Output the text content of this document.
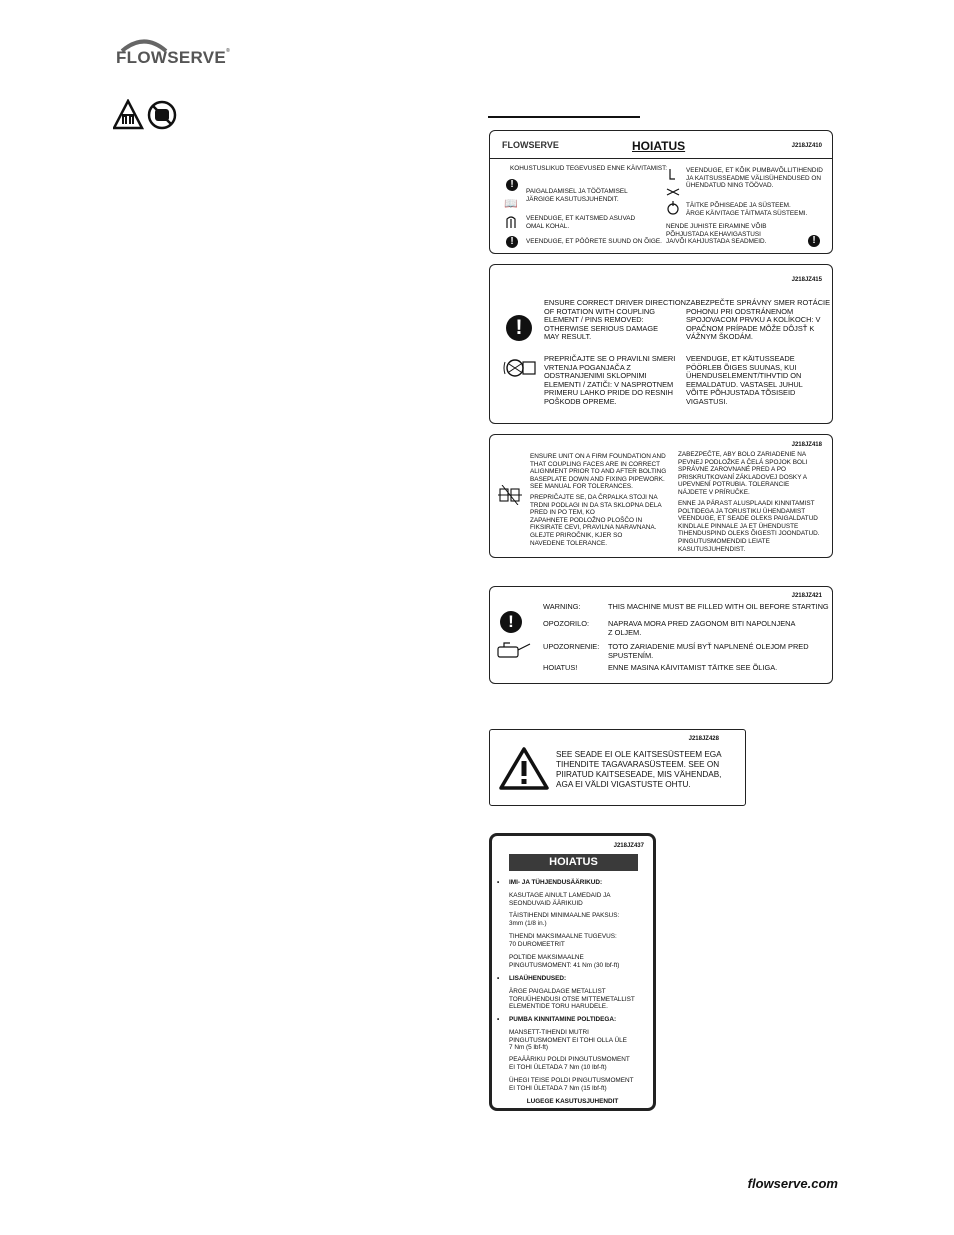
FLOWSERVE®
FLOWSERVE	HOIATUS	J218JZ410
KOHUSTUSLIKUD TEGEVUSED ENNE KÄIVITAMIST:
!
📖
PAIGALDAMISEL JA TÖÖTAMISEL
JÄRGIGE KASUTUSJUHENDIT.
VEENDUGE, ET KAITSMED ASUVAD
OMAL KOHAL.
!	VEENDUGE, ET PÖÖRETE SUUND ON ÕIGE.
VEENDUGE, ET KÕIK PUMBAVÕLLITIHENDID
JA KAITSUSSEADME VÄLISÜHENDUSED ON
ÜHENDATUD NING TÖÖVAD.
TÄITKE PÕHISEADE JA SÜSTEEM.
ÄRGE KÄIVITAGE TÄITMATA SÜSTEEMI.
NENDE JUHISTE EIRAMINE VÕIB
PÕHJUSTADA KEHAVIGASTUSI
JA/VÕI KAHJUSTADA SEADMEID.	!
J218JZ415
!
ENSURE CORRECT DRIVER DIRECTION
OF ROTATION WITH COUPLING
ELEMENT / PINS REMOVED:
OTHERWISE SERIOUS DAMAGE
MAY RESULT.
ZABEZPEČTE SPRÁVNY SMER ROTÁCIE
POHONU PRI ODSTRÁNENOM
SPOJOVACOM PRVKU A KOLÍKOCH: V
OPAČNOM PRÍPADE MÔŽE DÔJSŤ K
VÁŽNYM ŠKODÁM.
PREPRIČAJTE SE O PRAVILNI SMERI
VRTENJA POGANJAČA Z
ODSTRANJENIMI SKLOPNIMI
ELEMENTI / ZATIČI: V NASPROTNEM
PRIMERU LAHKO PRIDE DO RESNIH
POŠKODB OPREME.
VEENDUGE, ET KÄITUSSEADE
PÖÖRLEB ÕIGES SUUNAS, KUI
ÜHENDUSELEMENT/TIHVTID ON
EEMALDATUD. VASTASEL JUHUL
VÕITE PÕHJUSTADA TÕSISEID
VIGASTUSI.
J218JZ418
ENSURE UNIT ON A FIRM FOUNDATION AND
THAT COUPLING FACES ARE IN CORRECT
ALIGNMENT PRIOR TO AND AFTER BOLTING
BASEPLATE DOWN AND FIXING PIPEWORK.
SEE MANUAL FOR TOLERANCES.
PREPRIČAJTE SE, DA ČRPALKA STOJI NA
TRDNI PODLAGI IN DA STA SKLOPNA DELA
PRED IN PO TEM, KO
ZAPAHNETE PODLOŽNO PLOŠČO IN
FIKSIRATE CEVI, PRAVILNA NARAVNANA.
GLEJTE PRIROČNIK, KJER SO
NAVEDENE TOLERANCE.
ZABEZPEČTE, ABY BOLO ZARIADENIE NA
PEVNEJ PODLOŽKE A ČELÁ SPOJOK BOLI
SPRÁVNE ZAROVNANÉ PRED A PO
PRISKRUTKOVANÍ ZÁKLADOVEJ DOSKY A
UPEVNENÍ POTRUBIA. TOLERANCIE
NÁJDETE V PRÍRUČKE.
ENNE JA PÄRAST ALUSPLAADI KINNITAMIST
POLTIDEGA JA TORUSTIKU ÜHENDAMIST
VEENDUGE, ET SEADE OLEKS PAIGALDATUD
KINDLALE PINNALE JA ET ÜHENDUSTE
TIHENDUSPIND OLEKS ÕIGESTI JOONDATUD.
PINGUTUSMOMENDID LEIATE
KASUTUSJUHENDIST.
J218JZ421
!
WARNING:	THIS MACHINE MUST BE FILLED WITH OIL BEFORE STARTING
OPOZORILO:	NAPRAVA MORA PRED ZAGONOM BITI NAPOLNJENA
Z OLJEM.
UPOZORNENIE: TOTO ZARIADENIE MUSÍ BYŤ NAPLNENÉ OLEJOM PRED
SPUSTENÍM.
HOIATUS!	ENNE MASINA KÄIVITAMIST TÄITKE SEE ÕLIGA.
J218JZ428
SEE SEADE EI OLE KAITSESÜSTEEM EGA
TIHENDITE TAGAVARASÜSTEEM. SEE ON
PIIRATUD KAITSESEADE, MIS VÄHENDAB,
AGA EI VÄLDI VIGASTUSTE OHTU.
J218JZ437
HOIATUS
• IMI- JA TÜHJENDUSÄÄRIKUD:
KASUTAGE AINULT LAMEDAID JA
SEONDUVAID ÄÄRIKUID
TÄISTIHENDI MINIMAALNE PAKSUS:
3mm (1/8 in.)
TIHENDI MAKSIMAALNE TUGEVUS:
70 DUROMEETRIT
POLTIDE MAKSIMAALNE
PINGUTUSMOMENT: 41 Nm (30 lbf-ft)
• LISAÜHENDUSED:
ÄRGE PAIGALDAGE METALLIST
TORUÜHENDUSI OTSE MITTEMETALLIST
ELEMENTIDE TORU HARUDELE.
• PUMBA KINNITAMINE POLTIDEGA:
MANSETT-TIHENDI MUTRI
PINGUTUSMOMENT EI TOHI OLLA ÜLE
7 Nm (5 lbf-ft)
PEAÄÄRIKU POLDI PINGUTUSMOMENT
EI TOHI ÜLETADA 7 Nm (10 lbf-ft)
ÜHEGI TEISE POLDI PINGUTUSMOMENT
EI TOHI ÜLETADA 7 Nm (15 lbf-ft)
LUGEGE KASUTUSJUHENDIT
flowserve.com
